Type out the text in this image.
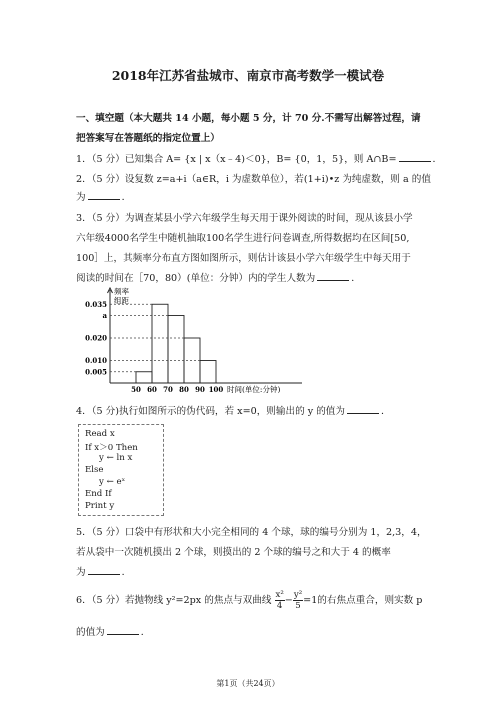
2018年江苏省盐城市、南京市高考数学一模试卷
一、填空题（本大题共 14 小题，每小题 5 分，计 70 分.不需写出解答过程，请
把答案写在答题纸的指定位置上）
1．（5 分）已知集合 A= {x | x（x﹣4)＜0}，B= {0，1，5}，则 A∩B=	．
2．（5 分）设复数 z=a+i（a∈R，i 为虚数单位），若(1+i)•z 为纯虚数，则 a 的值
为	．
3．（5 分）为调查某县小学六年级学生每天用于课外阅读的时间，现从该县小学
六年级4000名学生中随机抽取100名学生进行问卷调查,所得数据均在区间[50,
100］上，其频率分布直方图如图所示，则估计该县小学六年级学生中每天用于
阅读的时间在［70，80）(单位：分钟）内的学生人数为	．
频率
组距
0.005
0.010
0.020
a
0.035
50 60 70 80 90 100 时间(单位:分钟)
4．（5 分)执行如图所示的伪代码，若 x=0，则输出的 y 的值为	．
Read x
If x＞0 Then
y ← ln x
Else
y ← eˣ
End If
Print y
5．（5 分）口袋中有形状和大小完全相同的 4 个球，球的编号分别为 1，2,3，4，
若从袋中一次随机摸出 2 个球，则摸出的 2 个球的编号之和大于 4 的概率
为	．
6．（5 分）若抛物线 y²=2px 的焦点与双曲线 $\frac{\text{x²}}{4} - \frac{\text{y²}}{5} =1$的右焦点重合，则实数 p
的值为	．
第1页（共24页）
